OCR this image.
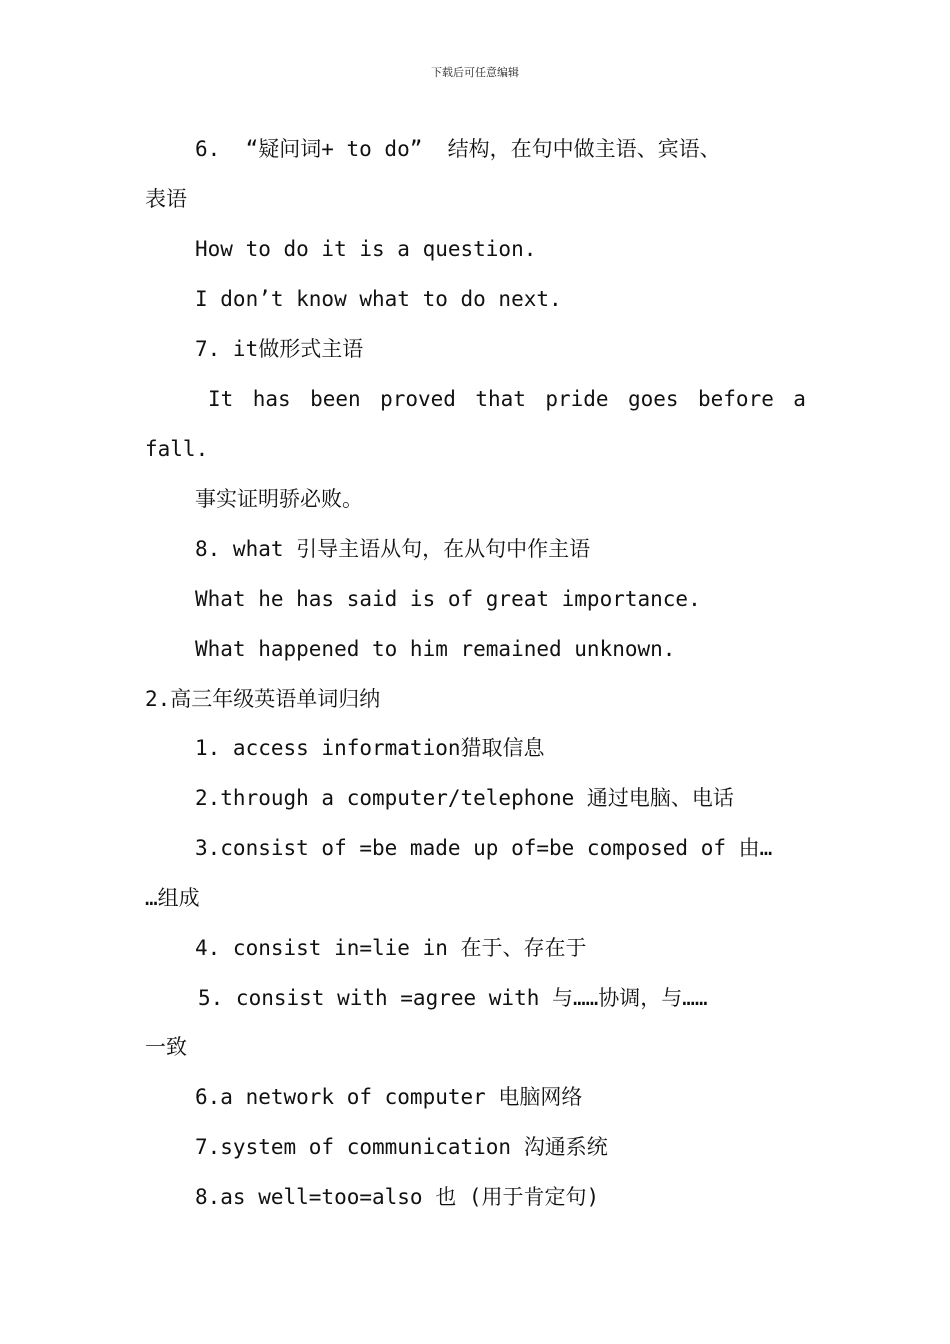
下载后可任意编辑
6.  “疑问词+ to do”  结构，在句中做主语、宾语、
表语
How to do it is a question.
I don’t know what to do next.
7. it做形式主语
It has been proved that pride goes before a
fall.
事实证明骄必败。
8. what 引导主语从句，在从句中作主语
What he has said is of great importance.
What happened to him remained unknown.
2.高三年级英语单词归纳
1. access information猎取信息
2.through a computer/telephone 通过电脑、电话
3.consist of =be made up of=be composed of 由…
…组成
4. consist in=lie in 在于、存在于
5. consist with =agree with 与……协调，与……
一致
6.a network of computer 电脑网络
7.system of communication 沟通系统
8.as well=too=also 也 (用于肯定句)
